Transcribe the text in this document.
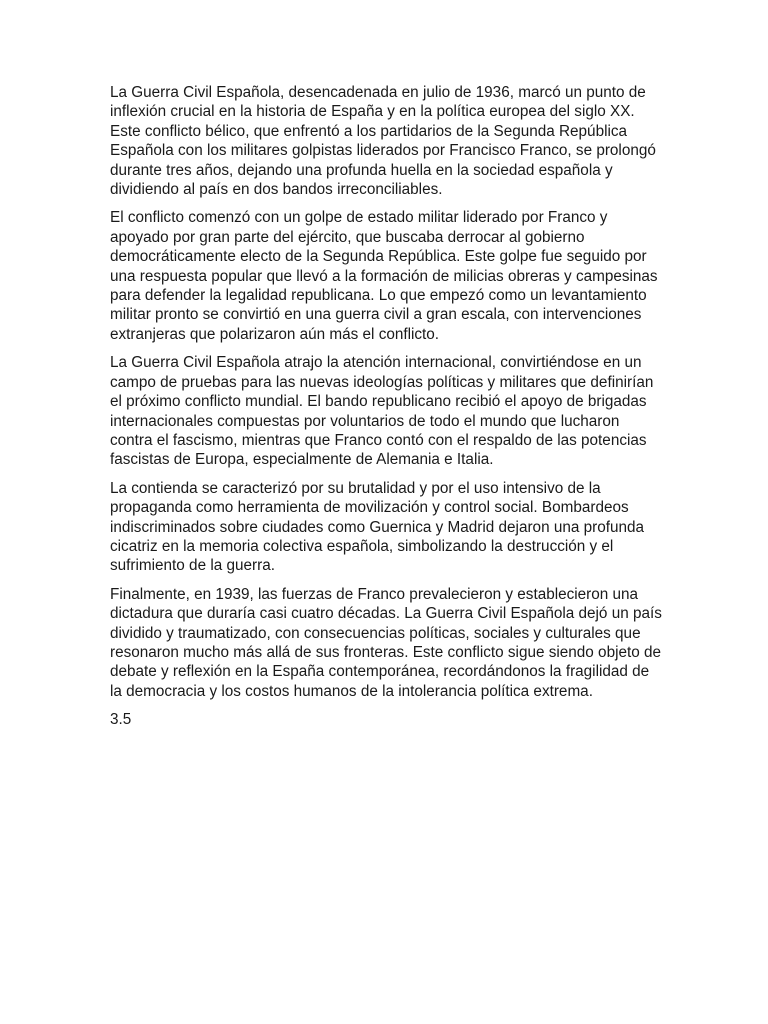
La Guerra Civil Española, desencadenada en julio de 1936, marcó un punto de inflexión crucial en la historia de España y en la política europea del siglo XX. Este conflicto bélico, que enfrentó a los partidarios de la Segunda República Española con los militares golpistas liderados por Francisco Franco, se prolongó durante tres años, dejando una profunda huella en la sociedad española y dividiendo al país en dos bandos irreconciliables.

El conflicto comenzó con un golpe de estado militar liderado por Franco y apoyado por gran parte del ejército, que buscaba derrocar al gobierno democráticamente electo de la Segunda República. Este golpe fue seguido por una respuesta popular que llevó a la formación de milicias obreras y campesinas para defender la legalidad republicana. Lo que empezó como un levantamiento militar pronto se convirtió en una guerra civil a gran escala, con intervenciones extranjeras que polarizaron aún más el conflicto.

La Guerra Civil Española atrajo la atención internacional, convirtiéndose en un campo de pruebas para las nuevas ideologías políticas y militares que definirían el próximo conflicto mundial. El bando republicano recibió el apoyo de brigadas internacionales compuestas por voluntarios de todo el mundo que lucharon contra el fascismo, mientras que Franco contó con el respaldo de las potencias fascistas de Europa, especialmente de Alemania e Italia.

La contienda se caracterizó por su brutalidad y por el uso intensivo de la propaganda como herramienta de movilización y control social. Bombardeos indiscriminados sobre ciudades como Guernica y Madrid dejaron una profunda cicatriz en la memoria colectiva española, simbolizando la destrucción y el sufrimiento de la guerra.

Finalmente, en 1939, las fuerzas de Franco prevalecieron y establecieron una dictadura que duraría casi cuatro décadas. La Guerra Civil Española dejó un país dividido y traumatizado, con consecuencias políticas, sociales y culturales que resonaron mucho más allá de sus fronteras. Este conflicto sigue siendo objeto de debate y reflexión en la España contemporánea, recordándonos la fragilidad de la democracia y los costos humanos de la intolerancia política extrema.

3.5
